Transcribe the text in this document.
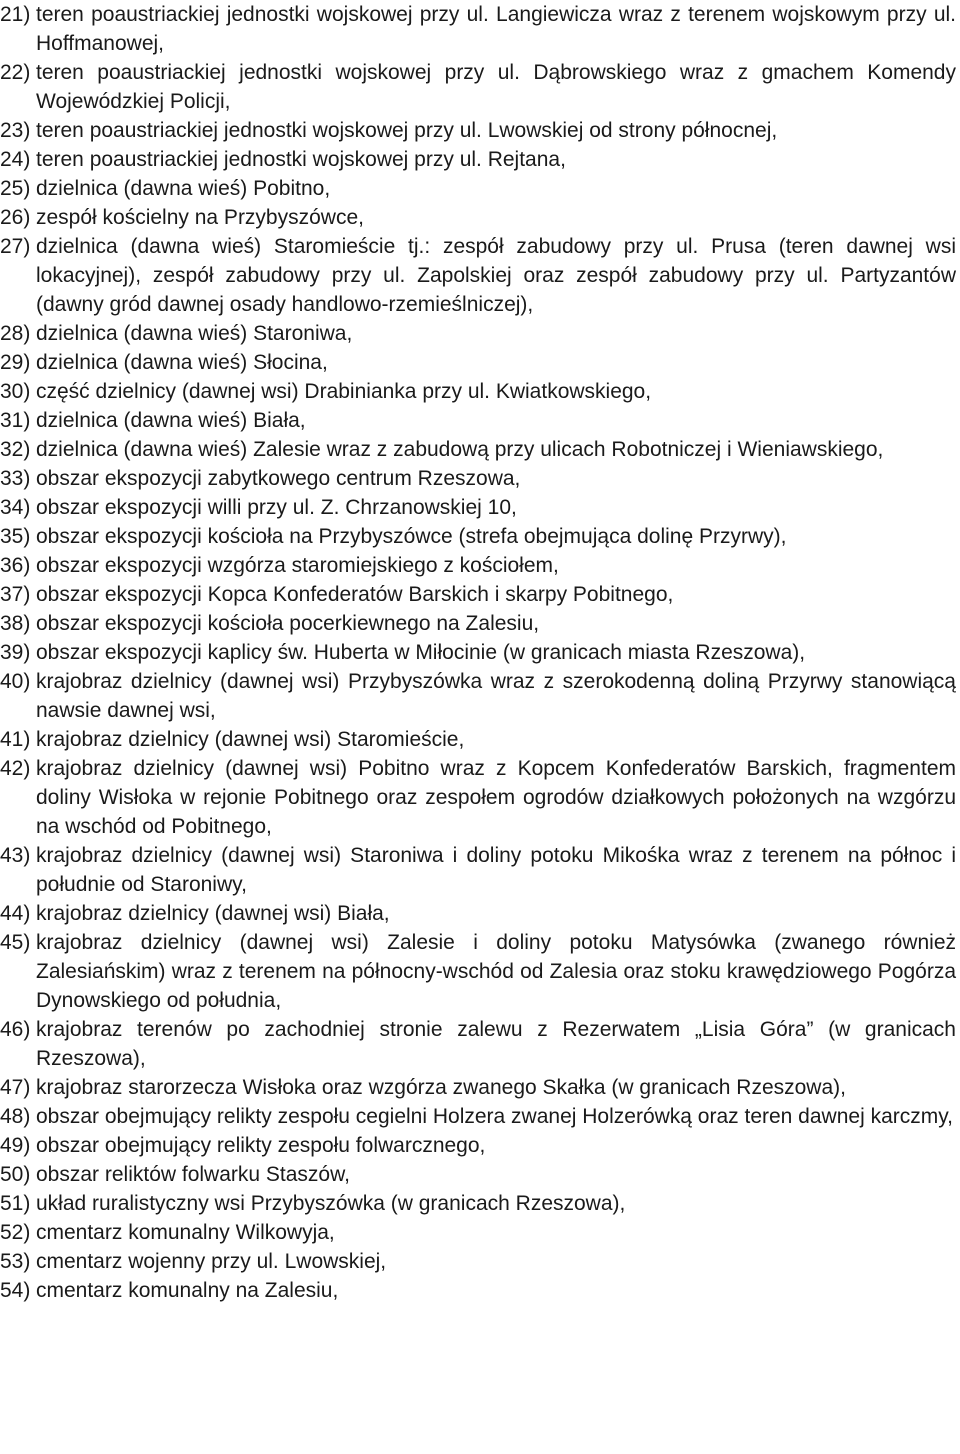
21) teren poaustriackiej jednostki wojskowej przy ul. Langiewicza wraz z terenem wojskowym przy ul. Hoffmanowej,
22) teren poaustriackiej jednostki wojskowej przy ul. Dąbrowskiego wraz z gmachem Komendy Wojewódzkiej Policji,
23) teren poaustriackiej jednostki wojskowej przy ul. Lwowskiej od strony północnej,
24) teren poaustriackiej jednostki wojskowej przy ul. Rejtana,
25) dzielnica (dawna wieś) Pobitno,
26) zespół kościelny na Przybyszówce,
27) dzielnica (dawna wieś) Staromieście tj.: zespół zabudowy przy ul. Prusa (teren dawnej wsi lokacyjnej), zespół zabudowy przy ul. Zapolskiej oraz zespół zabudowy przy ul. Partyzantów (dawny gród dawnej osady handlowo-rzemieślniczej),
28) dzielnica (dawna wieś) Staroniwa,
29) dzielnica (dawna wieś) Słocina,
30) część dzielnicy (dawnej wsi) Drabinianka przy ul. Kwiatkowskiego,
31) dzielnica (dawna wieś) Biała,
32) dzielnica (dawna wieś) Zalesie wraz z zabudową przy ulicach Robotniczej i Wieniawskiego,
33) obszar ekspozycji zabytkowego centrum Rzeszowa,
34) obszar ekspozycji willi przy ul. Z. Chrzanowskiej 10,
35) obszar ekspozycji kościoła na Przybyszówce (strefa obejmująca dolinę Przyrwy),
36) obszar ekspozycji wzgórza staromiejskiego z kościołem,
37) obszar ekspozycji Kopca Konfederatów Barskich i skarpy Pobitnego,
38) obszar ekspozycji kościoła pocerkiewnego na Zalesiu,
39) obszar ekspozycji kaplicy św. Huberta w Miłocinie (w granicach miasta Rzeszowa),
40) krajobraz dzielnicy (dawnej wsi) Przybyszówka wraz z szerokodenną doliną Przyrwy stanowiącą nawsie dawnej wsi,
41) krajobraz dzielnicy (dawnej wsi) Staromieście,
42) krajobraz dzielnicy (dawnej wsi) Pobitno wraz z Kopcem Konfederatów Barskich, fragmentem doliny Wisłoka w rejonie Pobitnego oraz zespołem ogrodów działkowych położonych na wzgórzu na wschód od Pobitnego,
43) krajobraz dzielnicy (dawnej wsi) Staroniwa i doliny potoku Mikośka wraz z terenem na północ i południe od Staroniwy,
44) krajobraz dzielnicy (dawnej wsi) Biała,
45) krajobraz dzielnicy (dawnej wsi) Zalesie i doliny potoku Matysówka (zwanego również Zalesiańskim) wraz z terenem na północny-wschód od Zalesia oraz stoku krawędziowego Pogórza Dynowskiego od południa,
46) krajobraz terenów po zachodniej stronie zalewu z Rezerwatem „Lisia Góra” (w granicach Rzeszowa),
47) krajobraz starorzecza Wisłoka oraz wzgórza zwanego Skałka (w granicach Rzeszowa),
48) obszar obejmujący relikty zespołu cegielni Holzera zwanej Holzerówką oraz teren dawnej karczmy,
49) obszar obejmujący relikty zespołu folwarcznego,
50) obszar reliktów folwarku Staszów,
51) układ ruralistyczny wsi Przybyszówka (w granicach Rzeszowa),
52) cmentarz komunalny Wilkowyja,
53) cmentarz wojenny przy ul. Lwowskiej,
54) cmentarz komunalny na Zalesiu,
